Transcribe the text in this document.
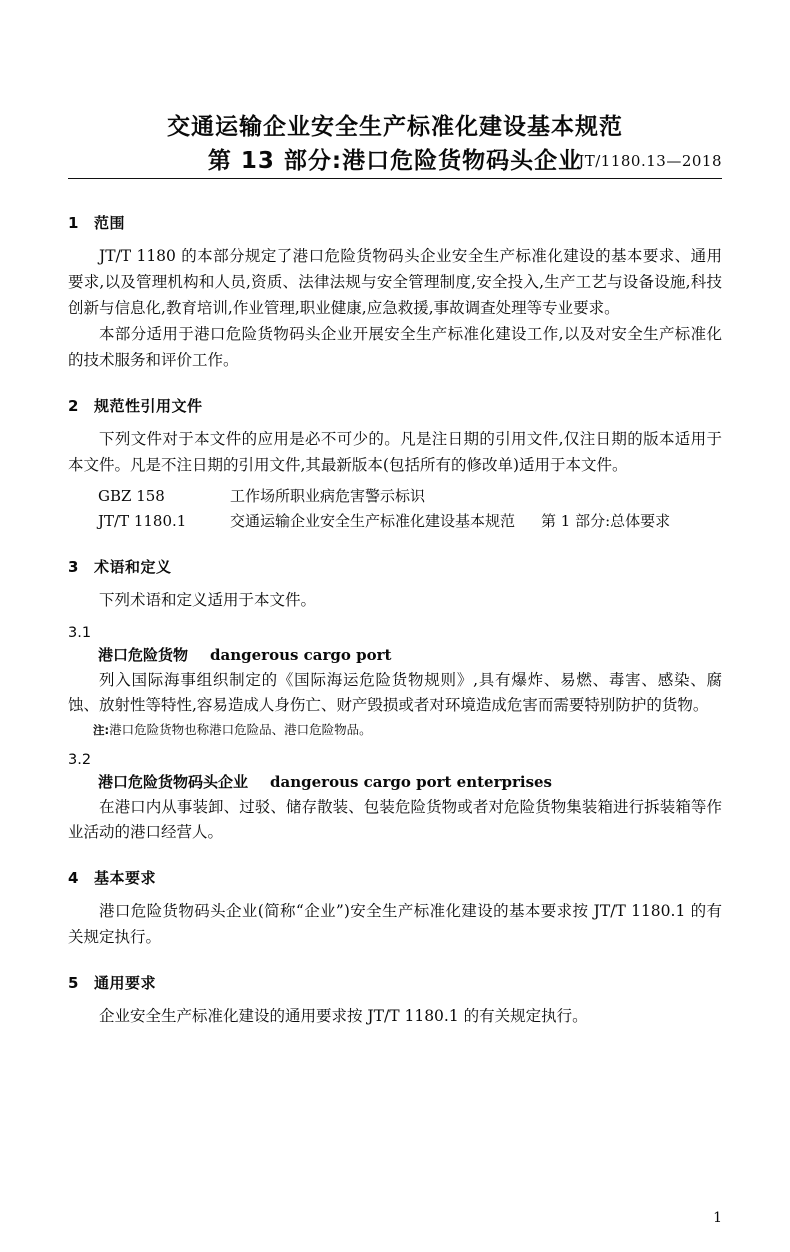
JT/1180.13—2018
交通运输企业安全生产标准化建设基本规范
第 13 部分:港口危险货物码头企业
1 范围

JT/T 1180 的本部分规定了港口危险货物码头企业安全生产标准化建设的基本要求、通用要求,以及管理机构和人员,资质、法律法规与安全管理制度,安全投入,生产工艺与设备设施,科技创新与信息化,教育培训,作业管理,职业健康,应急救援,事故调查处理等专业要求。

本部分适用于港口危险货物码头企业开展安全生产标准化建设工作,以及对安全生产标准化的技术服务和评价工作。

2 规范性引用文件

下列文件对于本文件的应用是必不可少的。凡是注日期的引用文件,仅注日期的版本适用于本文件。凡是不注日期的引用文件,其最新版本(包括所有的修改单)适用于本文件。

GBZ 158	工作场所职业病危害警示标识
JT/T 1180.1	交通运输企业安全生产标准化建设基本规范 第 1 部分:总体要求
3 术语和定义

下列术语和定义适用于本文件。

3.1
港口危险货物 dangerous cargo port

列入国际海事组织制定的《国际海运危险货物规则》,具有爆炸、易燃、毒害、感染、腐蚀、放射性等特性,容易造成人身伤亡、财产毁损或者对环境造成危害而需要特别防护的货物。

注:港口危险货物也称港口危险品、港口危险物品。

3.2
港口危险货物码头企业 dangerous cargo port enterprises

在港口内从事装卸、过驳、储存散装、包装危险货物或者对危险货物集装箱进行拆装箱等作业活动的港口经营人。

4 基本要求

港口危险货物码头企业(简称“企业”)安全生产标准化建设的基本要求按 JT/T 1180.1 的有关规定执行。

5 通用要求

企业安全生产标准化建设的通用要求按 JT/T 1180.1 的有关规定执行。

1
